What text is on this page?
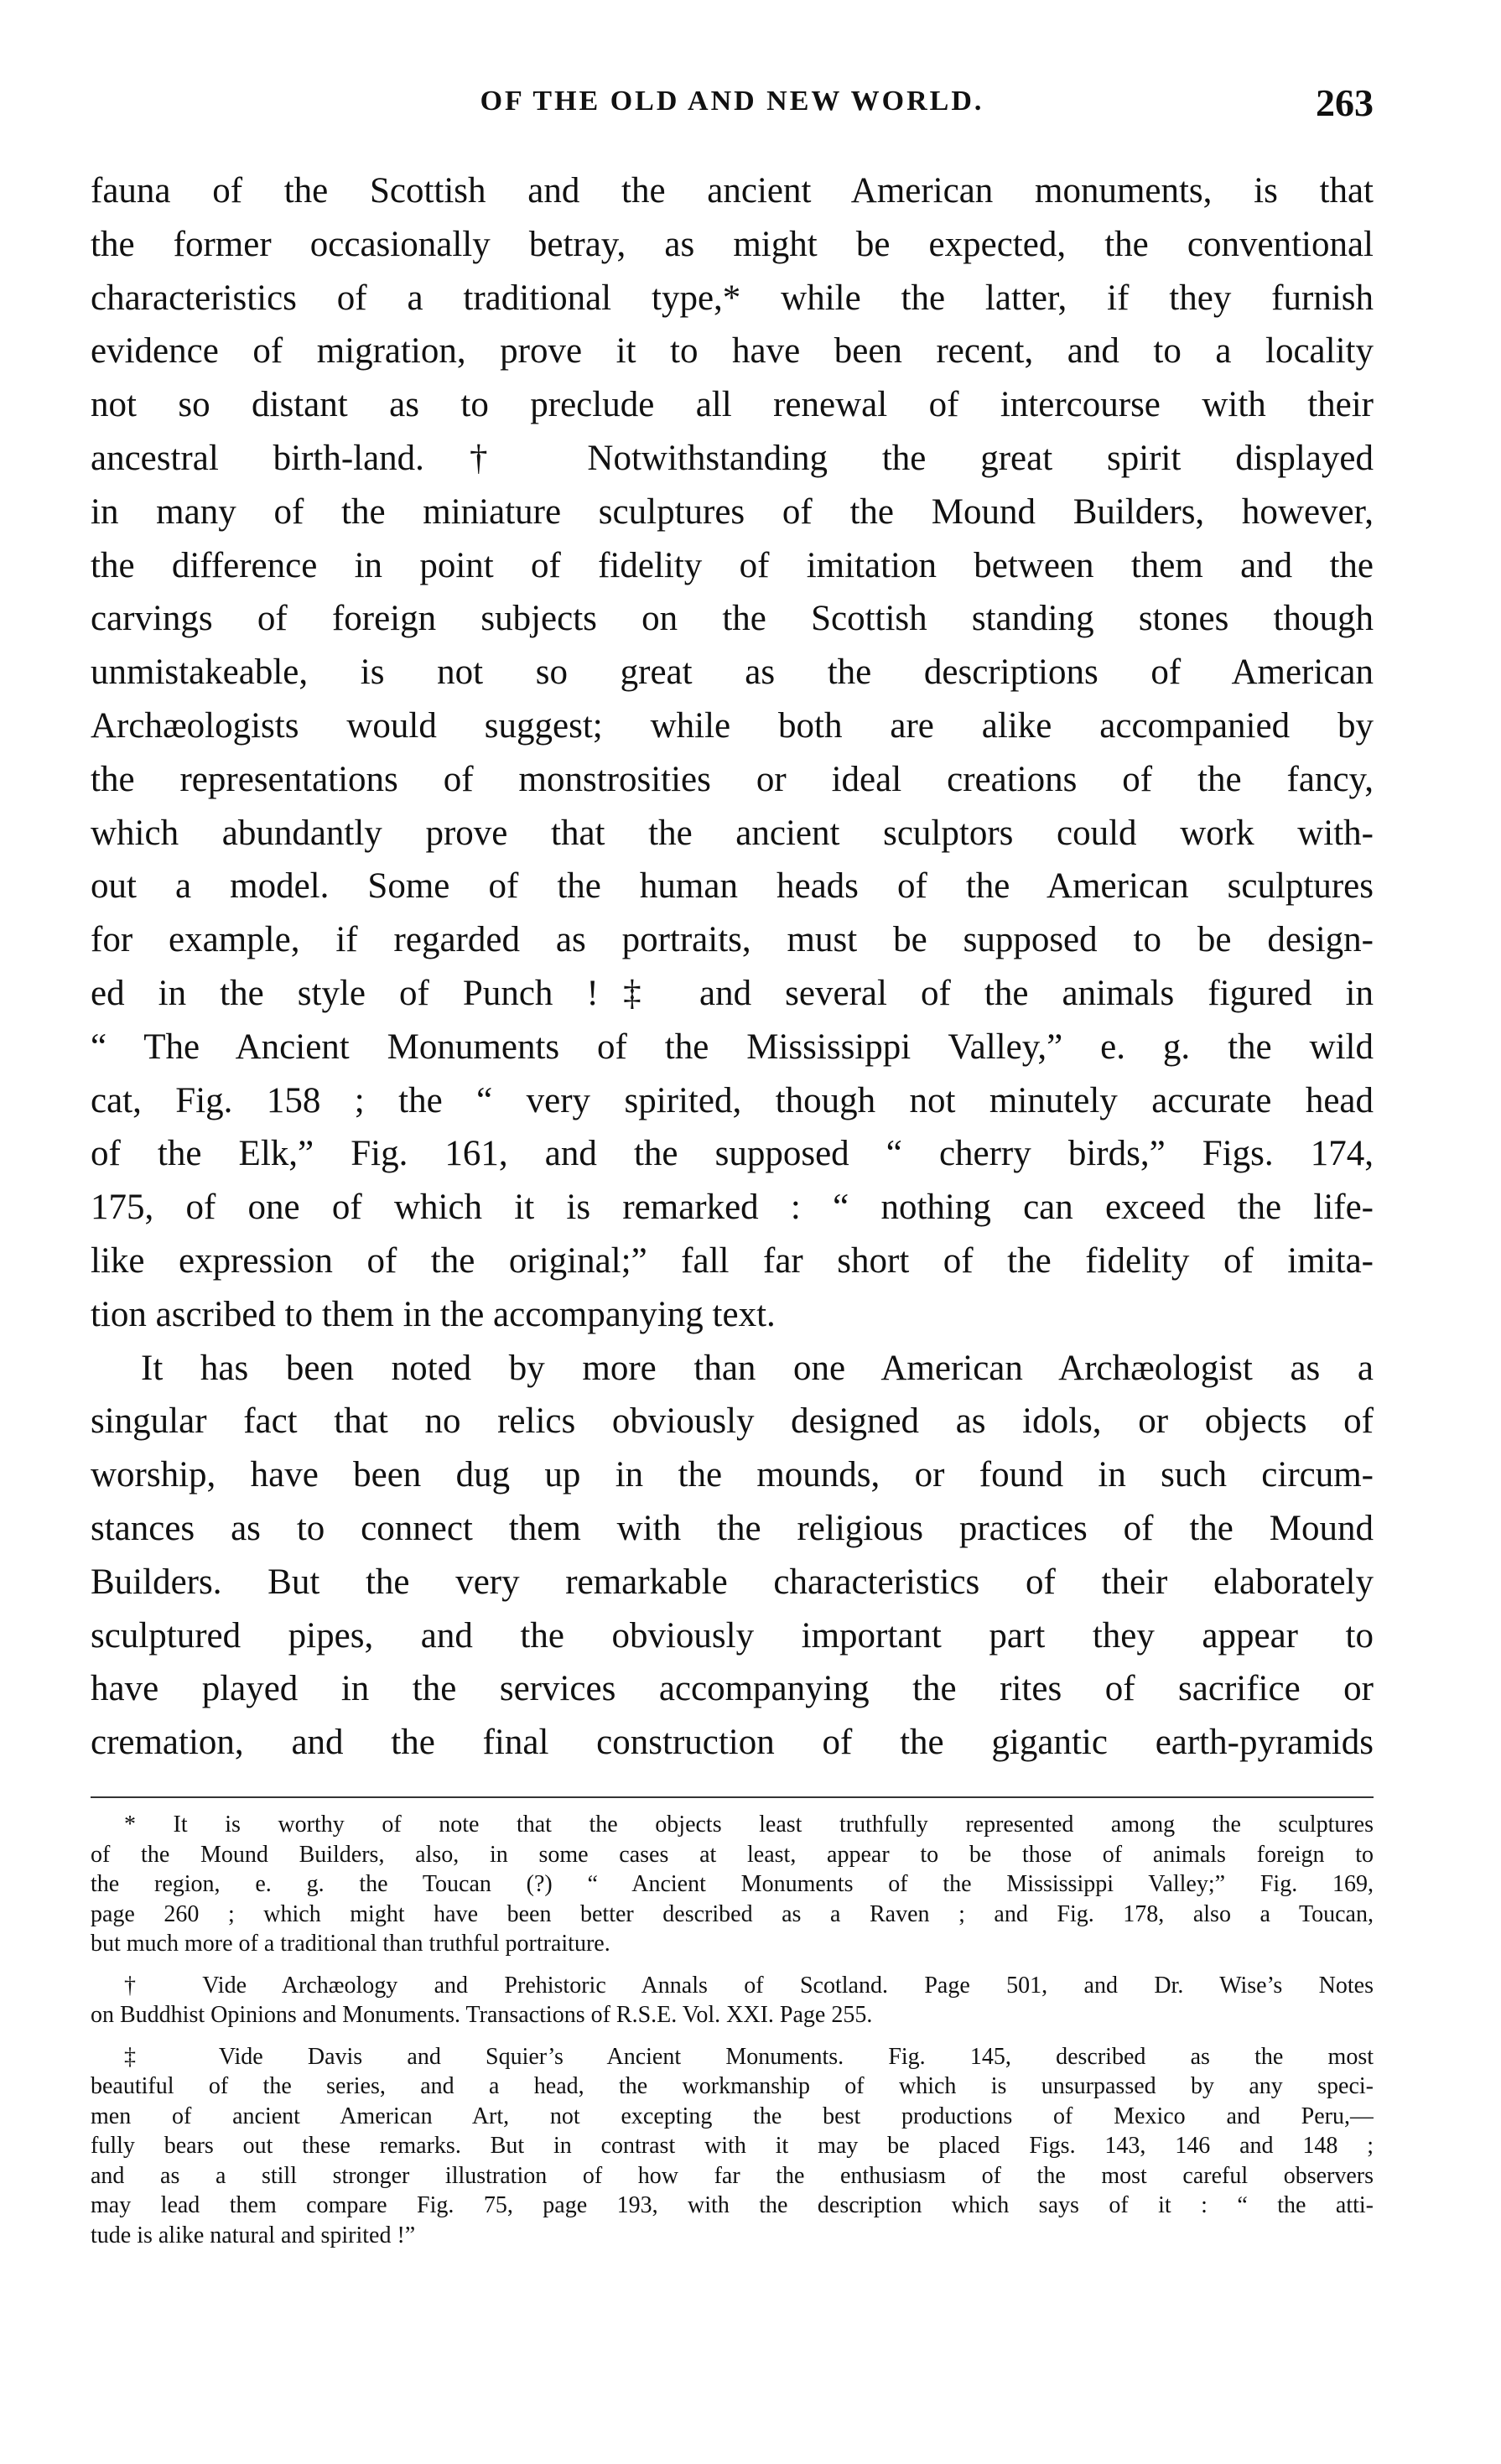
OF THE OLD AND NEW WORLD.	263
fauna of the Scottish and the ancient American monuments, is that
the former occasionally betray, as might be expected, the conventional
characteristics of a traditional type,* while the latter, if they furnish
evidence of migration, prove it to have been recent, and to a locality
not so distant as to preclude all renewal of intercourse with their
ancestral birth-land.† Notwithstanding the great spirit displayed
in many of the miniature sculptures of the Mound Builders, however,
the difference in point of fidelity of imitation between them and the
carvings of foreign subjects on the Scottish standing stones though
unmistakeable, is not so great as the descriptions of American
Archæologists would suggest; while both are alike accompanied by
the representations of monstrosities or ideal creations of the fancy,
which abundantly prove that the ancient sculptors could work with-
out a model. Some of the human heads of the American sculptures
for example, if regarded as portraits, must be supposed to be design-
ed in the style of Punch !‡ and several of the animals figured in
“ The Ancient Monuments of the Mississippi Valley,” e. g. the wild
cat, Fig. 158 ; the “ very spirited, though not minutely accurate head
of the Elk,” Fig. 161, and the supposed “ cherry birds,” Figs. 174,
175, of one of which it is remarked : “ nothing can exceed the life-
like expression of the original;” fall far short of the fidelity of imita-
tion ascribed to them in the accompanying text.
It has been noted by more than one American Archæologist as a
singular fact that no relics obviously designed as idols, or objects of
worship, have been dug up in the mounds, or found in such circum-
stances as to connect them with the religious practices of the Mound
Builders. But the very remarkable characteristics of their elaborately
sculptured pipes, and the obviously important part they appear to
have played in the services accompanying the rites of sacrifice or
cremation, and the final construction of the gigantic earth-pyramids
* It is worthy of note that the objects least truthfully represented among the sculptures
of the Mound Builders, also, in some cases at least, appear to be those of animals foreign to
the region, e. g. the Toucan (?) “ Ancient Monuments of the Mississippi Valley;” Fig. 169,
page 260 ; which might have been better described as a Raven ; and Fig. 178, also a Toucan,
but much more of a traditional than truthful portraiture.
† Vide Archæology and Prehistoric Annals of Scotland. Page 501, and Dr. Wise’s Notes
on Buddhist Opinions and Monuments. Transactions of R.S.E. Vol. XXI. Page 255.
‡ Vide Davis and Squier’s Ancient Monuments. Fig. 145, described as the most
beautiful of the series, and a head, the workmanship of which is unsurpassed by any speci-
men of ancient American Art, not excepting the best productions of Mexico and Peru,—
fully bears out these remarks. But in contrast with it may be placed Figs. 143, 146 and 148 ;
and as a still stronger illustration of how far the enthusiasm of the most careful observers
may lead them compare Fig. 75, page 193, with the description which says of it : “ the atti-
tude is alike natural and spirited !”
